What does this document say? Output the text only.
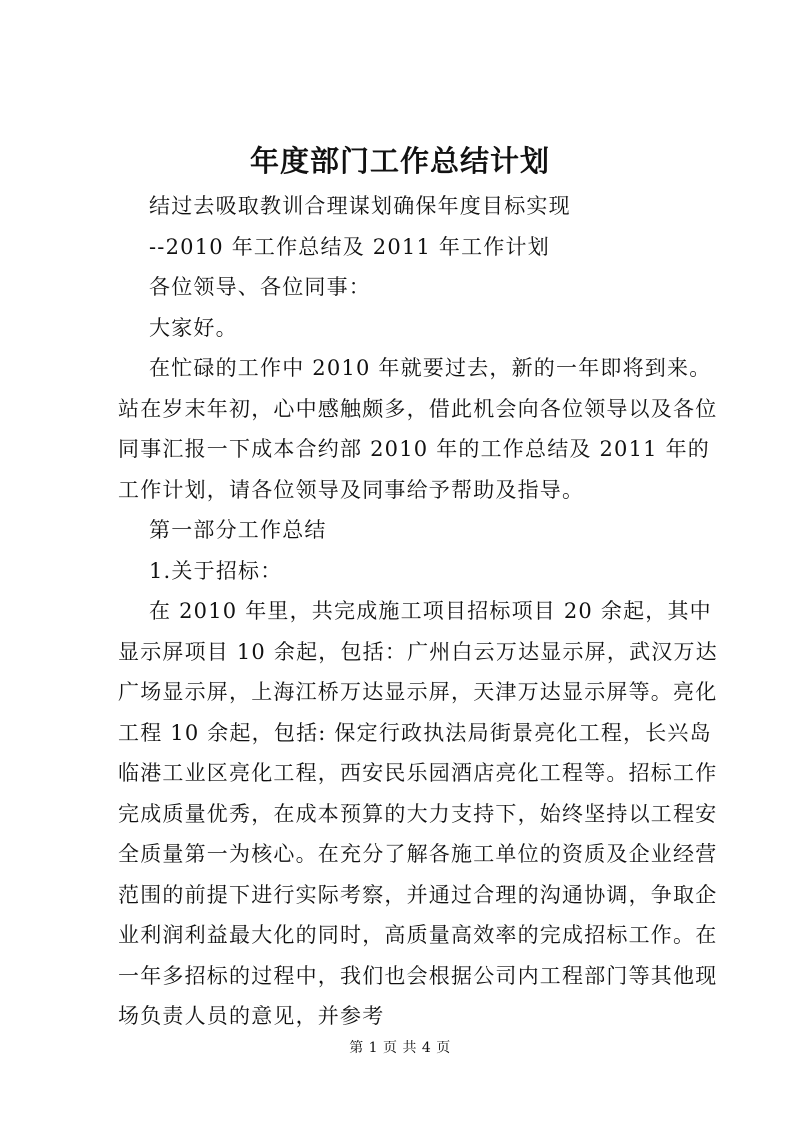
年度部门工作总结计划

结过去吸取教训合理谋划确保年度目标实现

--2010 年工作总结及 2011 年工作计划

各位领导、各位同事：

大家好。

在忙碌的工作中 2010 年就要过去，新的一年即将到来。站在岁末年初，心中感触颇多，借此机会向各位领导以及各位同事汇报一下成本合约部 2010 年的工作总结及 2011 年的工作计划，请各位领导及同事给予帮助及指导。

第一部分工作总结

1.关于招标：

在 2010 年里，共完成施工项目招标项目 20 余起，其中显示屏项目 10 余起，包括：广州白云万达显示屏，武汉万达广场显示屏，上海江桥万达显示屏，天津万达显示屏等。亮化工程 10 余起，包括: 保定行政执法局街景亮化工程，长兴岛临港工业区亮化工程，西安民乐园酒店亮化工程等。招标工作完成质量优秀，在成本预算的大力支持下，始终坚持以工程安全质量第一为核心。在充分了解各施工单位的资质及企业经营范围的前提下进行实际考察，并通过合理的沟通协调，争取企业利润利益最大化的同时，高质量高效率的完成招标工作。在一年多招标的过程中，我们也会根据公司内工程部门等其他现场负责人员的意见，并参考

第 1 页 共 4 页
